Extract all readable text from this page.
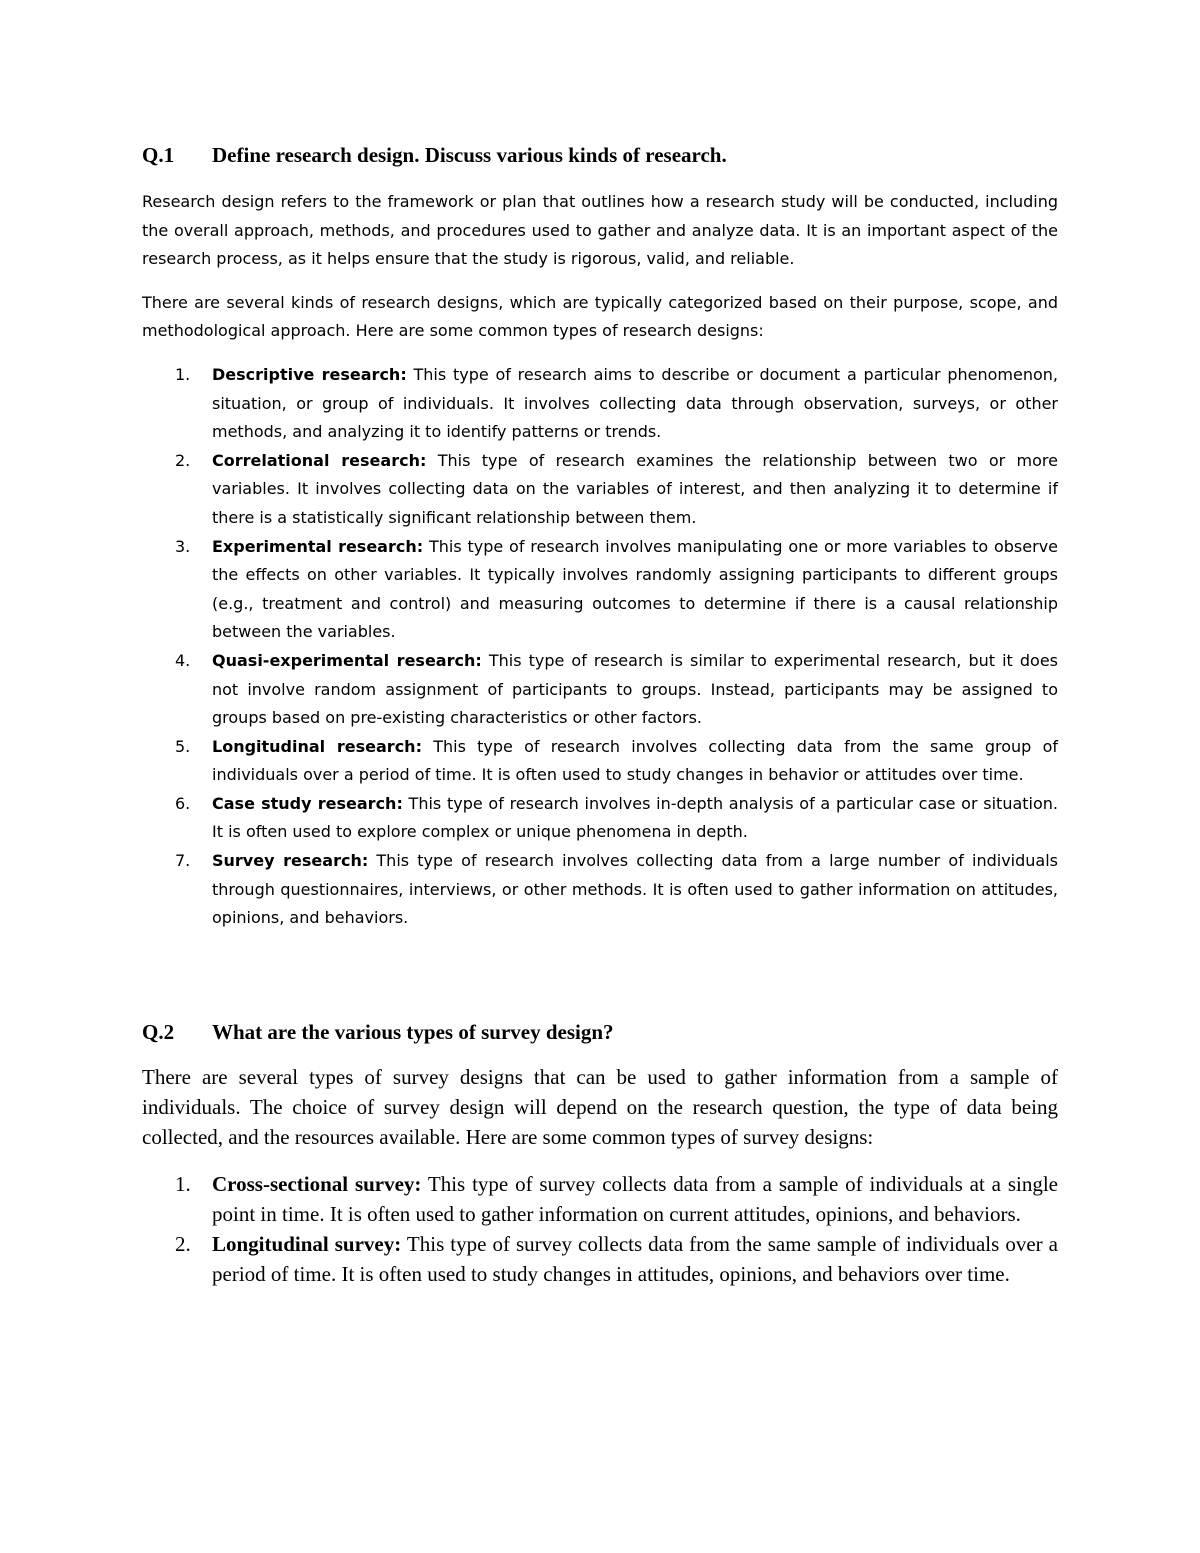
Q.1 Define research design. Discuss various kinds of research.

Research design refers to the framework or plan that outlines how a research study will be conducted, including the overall approach, methods, and procedures used to gather and analyze data. It is an important aspect of the research process, as it helps ensure that the study is rigorous, valid, and reliable.

There are several kinds of research designs, which are typically categorized based on their purpose, scope, and methodological approach. Here are some common types of research designs:

1. Descriptive research: This type of research aims to describe or document a particular phenomenon, situation, or group of individuals. It involves collecting data through observation, surveys, or other methods, and analyzing it to identify patterns or trends.
2. Correlational research: This type of research examines the relationship between two or more variables. It involves collecting data on the variables of interest, and then analyzing it to determine if there is a statistically significant relationship between them.
3. Experimental research: This type of research involves manipulating one or more variables to observe the effects on other variables. It typically involves randomly assigning participants to different groups (e.g., treatment and control) and measuring outcomes to determine if there is a causal relationship between the variables.
4. Quasi-experimental research: This type of research is similar to experimental research, but it does not involve random assignment of participants to groups. Instead, participants may be assigned to groups based on pre-existing characteristics or other factors.
5. Longitudinal research: This type of research involves collecting data from the same group of individuals over a period of time. It is often used to study changes in behavior or attitudes over time.
6. Case study research: This type of research involves in-depth analysis of a particular case or situation. It is often used to explore complex or unique phenomena in depth.
7. Survey research: This type of research involves collecting data from a large number of individuals through questionnaires, interviews, or other methods. It is often used to gather information on attitudes, opinions, and behaviors.
Q.2 What are the various types of survey design?

There are several types of survey designs that can be used to gather information from a sample of individuals. The choice of survey design will depend on the research question, the type of data being collected, and the resources available. Here are some common types of survey designs:

1. Cross-sectional survey: This type of survey collects data from a sample of individuals at a single point in time. It is often used to gather information on current attitudes, opinions, and behaviors.
2. Longitudinal survey: This type of survey collects data from the same sample of individuals over a period of time. It is often used to study changes in attitudes, opinions, and behaviors over time.
